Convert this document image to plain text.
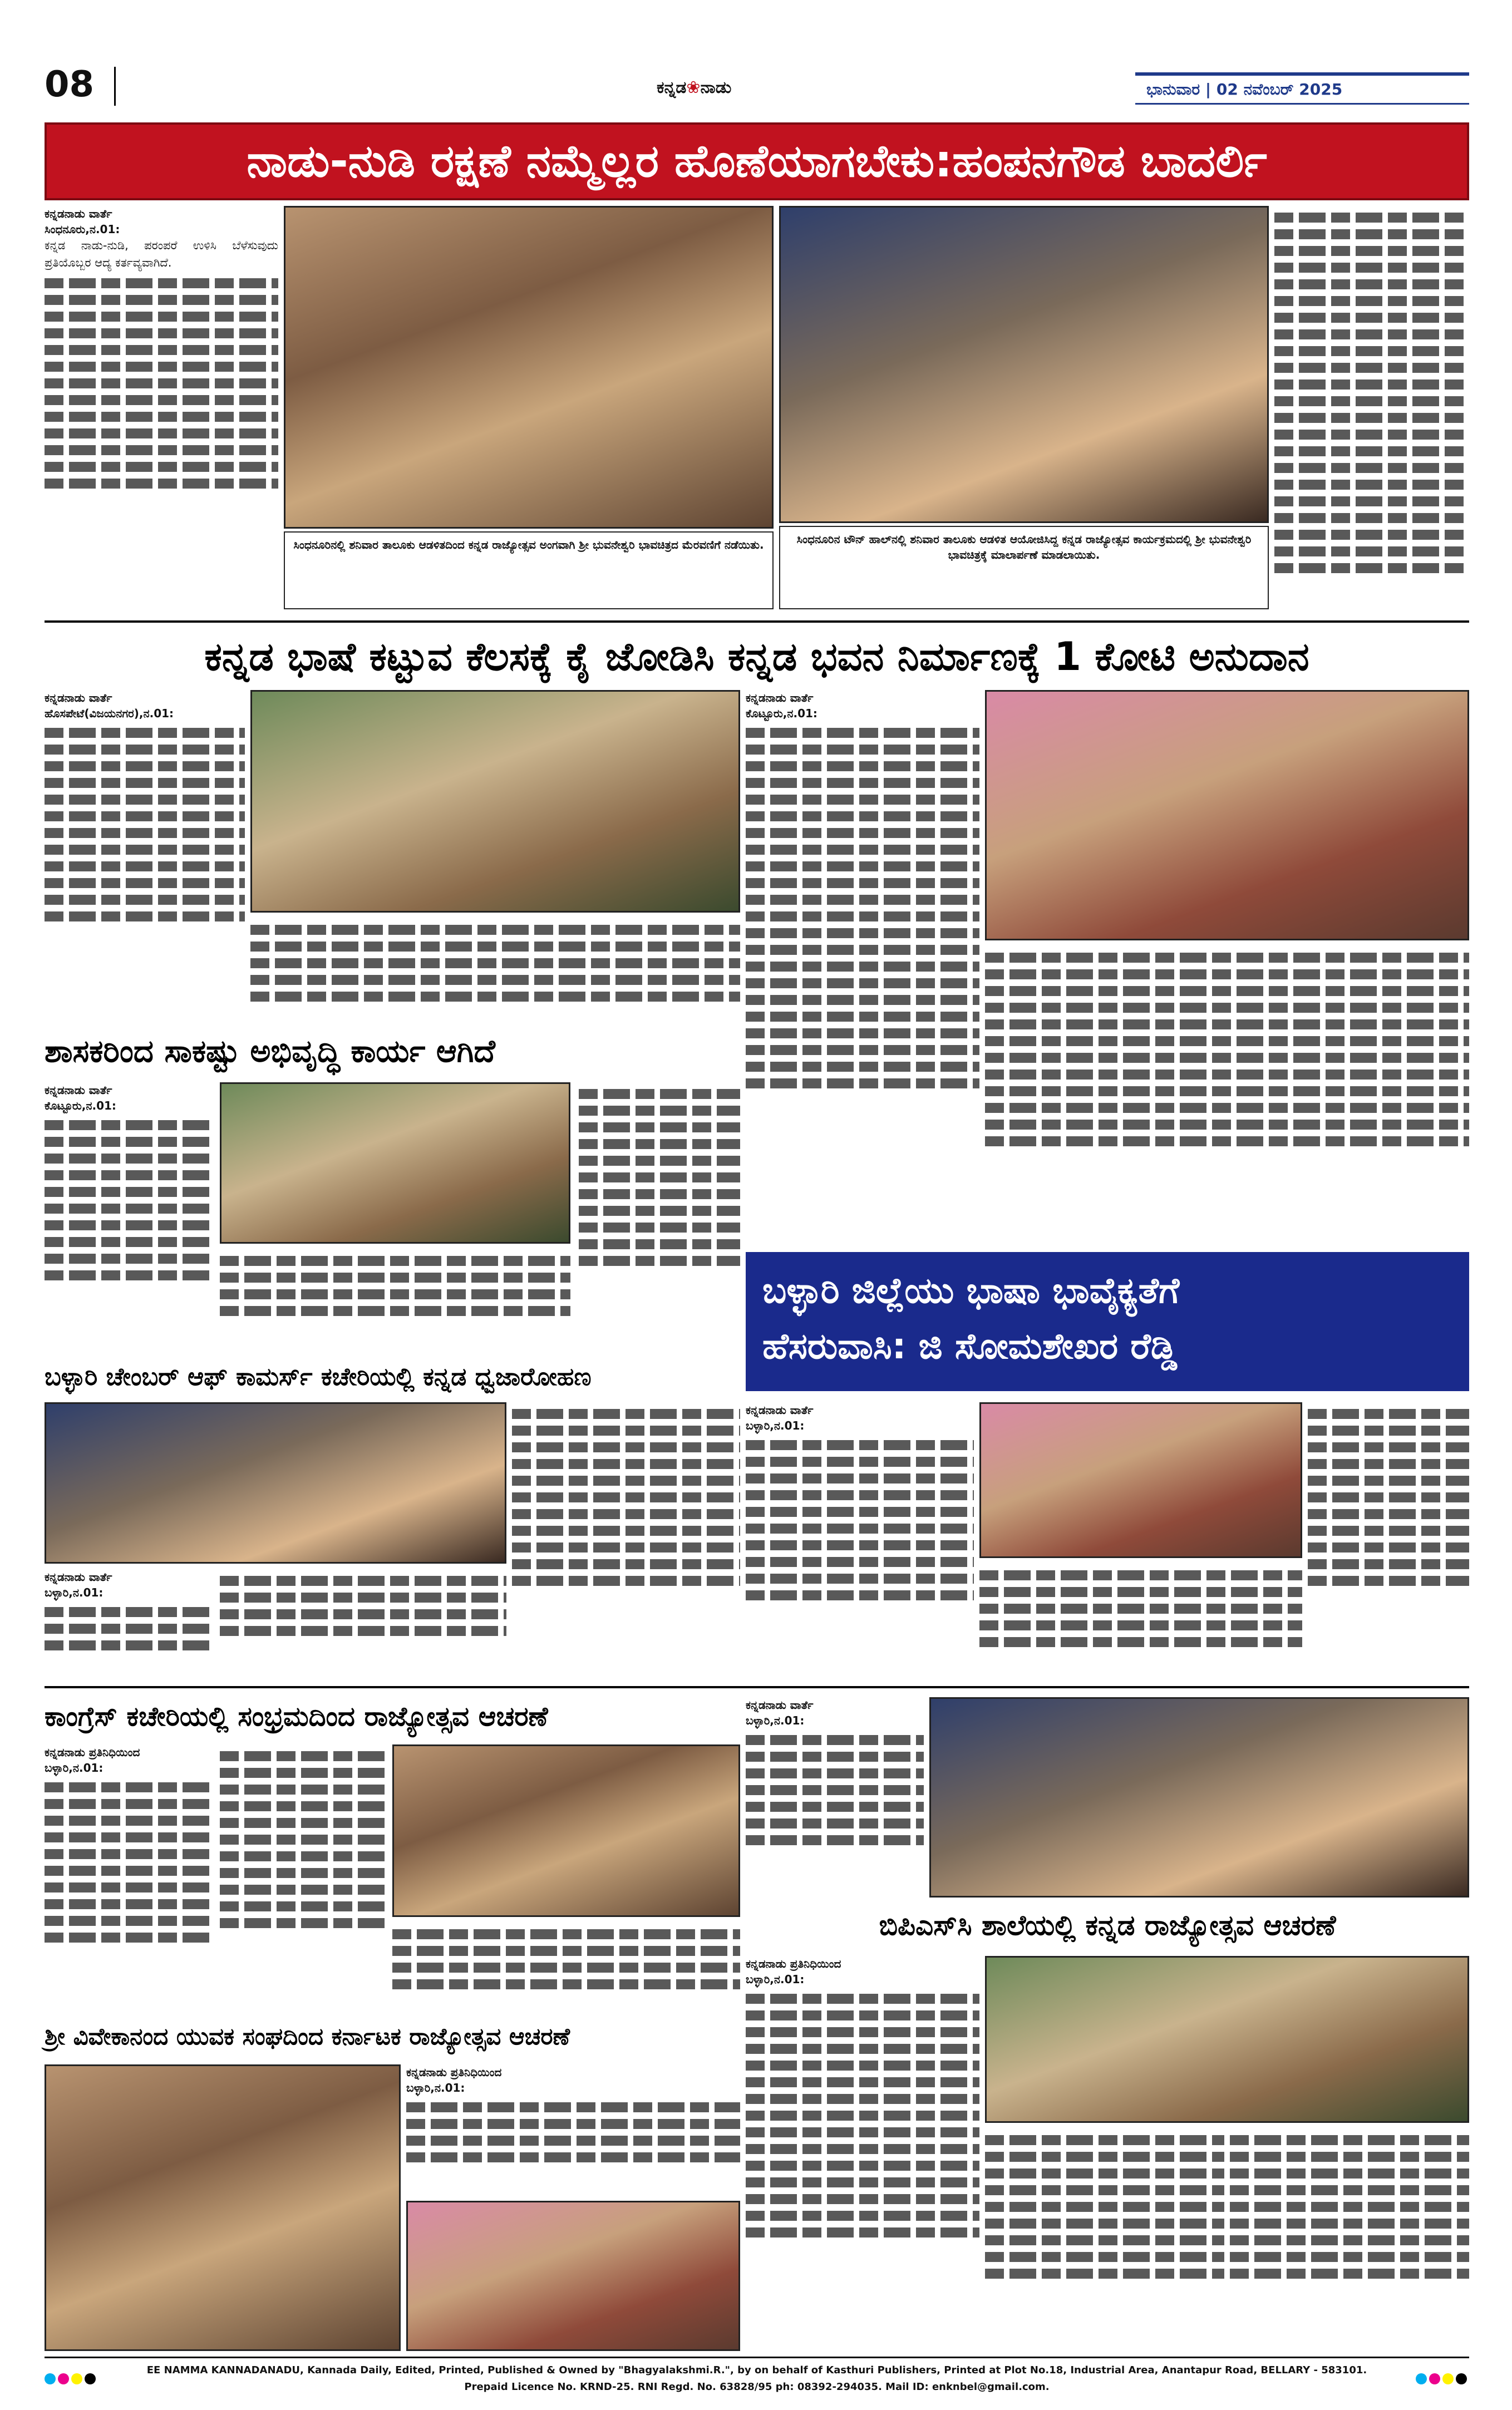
08	ಕನ್ನಡ❀ನಾಡು	ಭಾನುವಾರ | 02 ನವೆಂಬರ್ 2025
ನಾಡು-ನುಡಿ ರಕ್ಷಣೆ ನಮ್ಮೆಲ್ಲರ ಹೊಣೆಯಾಗಬೇಕು:ಹಂಪನಗೌಡ ಬಾದರ್ಲಿ
ಕನ್ನಡನಾಡು ವಾರ್ತೆ
ಸಿಂಧನೂರು,ನ.01:
ಕನ್ನಡ ನಾಡು-ನುಡಿ, ಪರಂಪರೆ ಉಳಿಸಿ ಬೆಳೆಸುವುದು ಪ್ರತಿಯೊಬ್ಬರ ಆದ್ಯ ಕರ್ತವ್ಯವಾಗಿದೆ.
ಸಿಂಧನೂರಿನಲ್ಲಿ ಶನಿವಾರ ತಾಲೂಕು ಆಡಳಿತದಿಂದ ಕನ್ನಡ ರಾಜ್ಯೋತ್ಸವ ಅಂಗವಾಗಿ ಶ್ರೀ ಭುವನೇಶ್ವರಿ ಭಾವಚಿತ್ರದ ಮೆರವಣಿಗೆ ನಡೆಯಿತು.	ಸಿಂಧನೂರಿನ ಟೌನ್ ಹಾಲ್‌ನಲ್ಲಿ ಶನಿವಾರ ತಾಲೂಕು ಆಡಳಿತ ಆಯೋಜಿಸಿದ್ದ ಕನ್ನಡ ರಾಜ್ಯೋತ್ಸವ ಕಾರ್ಯಕ್ರಮದಲ್ಲಿ ಶ್ರೀ ಭುವನೇಶ್ವರಿ ಭಾವಚಿತ್ರಕ್ಕೆ ಮಾಲಾರ್ಪಣೆ ಮಾಡಲಾಯಿತು.
ಕನ್ನಡ ಭಾಷೆ ಕಟ್ಟುವ ಕೆಲಸಕ್ಕೆ ಕೈ ಜೋಡಿಸಿ ಕನ್ನಡ ಭವನ ನಿರ್ಮಾಣಕ್ಕೆ 1 ಕೋಟಿ ಅನುದಾನ
ಕನ್ನಡನಾಡು ವಾರ್ತೆ
ಹೊಸಪೇಟೆ(ವಿಜಯನಗರ),ನ.01:
ಕನ್ನಡನಾಡು ವಾರ್ತೆ
ಕೊಟ್ಟೂರು,ನ.01:
ಶಾಸಕರಿಂದ ಸಾಕಷ್ಟು ಅಭಿವೃದ್ಧಿ ಕಾರ್ಯ ಆಗಿದೆ
ಕನ್ನಡನಾಡು ವಾರ್ತೆ
ಕೊಟ್ಟೂರು,ನ.01:
ಬಳ್ಳಾರಿ ಜಿಲ್ಲೆಯು ಭಾಷಾ ಭಾವೈಕ್ಯತೆಗೆ
ಹೆಸರುವಾಸಿ: ಜಿ ಸೋಮಶೇಖರ ರೆಡ್ಡಿ
ಕನ್ನಡನಾಡು ವಾರ್ತೆ
ಬಳ್ಳಾರಿ,ನ.01:
ಬಳ್ಳಾರಿ ಚೇಂಬರ್ ಆಫ್ ಕಾಮರ್ಸ್ ಕಚೇರಿಯಲ್ಲಿ ಕನ್ನಡ ಧ್ವಜಾರೋಹಣ
ಕನ್ನಡನಾಡು ವಾರ್ತೆ
ಬಳ್ಳಾರಿ,ನ.01:
ಕಾಂಗ್ರೆಸ್ ಕಚೇರಿಯಲ್ಲಿ ಸಂಭ್ರಮದಿಂದ ರಾಜ್ಯೋತ್ಸವ ಆಚರಣೆ
ಕನ್ನಡನಾಡು ಪ್ರತಿನಿಧಿಯಿಂದ
ಬಳ್ಳಾರಿ,ನ.01:
ಕನ್ನಡನಾಡು ವಾರ್ತೆ
ಬಳ್ಳಾರಿ,ನ.01:
ಬಿಪಿಎಸ್‌ಸಿ ಶಾಲೆಯಲ್ಲಿ ಕನ್ನಡ ರಾಜ್ಯೋತ್ಸವ ಆಚರಣೆ
ಕನ್ನಡನಾಡು ಪ್ರತಿನಿಧಿಯಿಂದ
ಬಳ್ಳಾರಿ,ನ.01:
ಶ್ರೀ ವಿವೇಕಾನಂದ ಯುವಕ ಸಂಘದಿಂದ ಕರ್ನಾಟಕ ರಾಜ್ಯೋತ್ಸವ ಆಚರಣೆ
ಕನ್ನಡನಾಡು ಪ್ರತಿನಿಧಿಯಿಂದ
ಬಳ್ಳಾರಿ,ನ.01:
EE NAMMA KANNADANADU, Kannada Daily, Edited, Printed, Published & Owned by "Bhagyalakshmi.R.", by on behalf of Kasthuri Publishers, Printed at Plot No.18, Industrial Area, Anantapur Road, BELLARY - 583101.
Prepaid Licence No. KRND-25. RNI Regd. No. 63828/95 ph: 08392-294035. Mail ID: enknbel@gmail.com.
